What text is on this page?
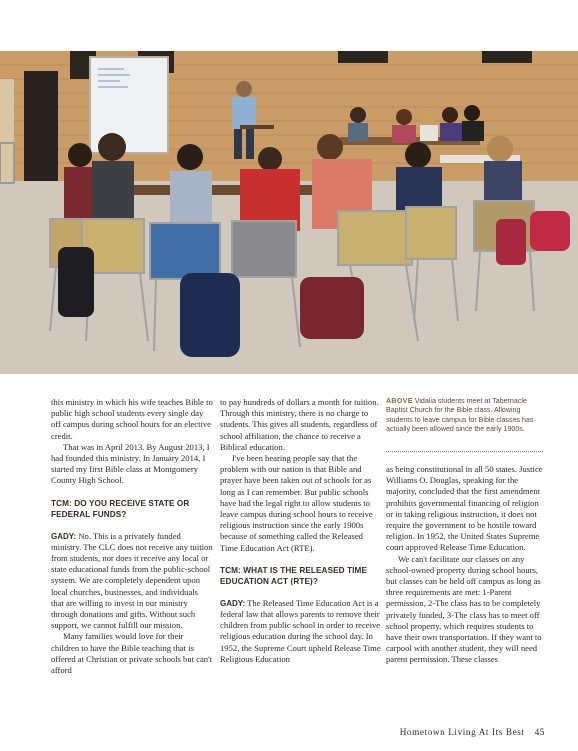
this ministry in which his wife teaches Bible to public high school students every single day off campus during school hours for an elective credit.

That was in April 2013. By August 2013, I had founded this ministry. In January 2014, I started my first Bible class at Montgomery County High School.

TCM: DO YOU RECEIVE STATE OR FEDERAL FUNDS?

GADY: No. This is a privately funded ministry. The CLC does not receive any tuition from students, nor does it receive any local or state educational funds from the public-school system. We are completely dependent upon local churches, businesses, and individuals that are willing to invest in our ministry through donations and gifts. Without such support, we cannot fulfill our mission.

Many families would love for their children to have the Bible teaching that is offered at Christian or private schools but can't afford

to pay hundreds of dollars a month for tuition. Through this ministry, there is no charge to students. This gives all students, regardless of school affiliation, the chance to receive a Biblical education.

I've been hearing people say that the problem with our nation is that Bible and prayer have been taken out of schools for as long as I can remember. But public schools have had the legal right to allow students to leave campus during school hours to receive religious instruction since the early 1900s because of something called the Released Time Education Act (RTE).

TCM: WHAT IS THE RELEASED TIME EDUCATION ACT (RTE)?

GADY: The Released Time Education Act is a federal law that allows parents to remove their children from public school in order to receive religious education during the school day. In 1952, the Supreme Court upheld Release Time Religious Education

ABOVE Vidalia students meet at Tabernacle Baptist Church for the Bible class. Allowing students to leave campus for Bible classes has actually been allowed since the early 1900s.

as being constitutional in all 50 states. Justice Williams O. Douglas, speaking for the majority, concluded that the first amendment prohibits governmental financing of religion or in taking religious instruction, it does not require the government to be hostile toward religion. In 1952, the United States Supreme court approved Release Time Education.

We can't facilitate our classes on any school-owned property during school hours, but classes can be held off campus as long as three requirements are met: 1-Parent permission, 2-The class has to be completely privately funded, 3-The class has to meet off school property, which requires students to have their own transportation. If they want to carpool with another student, they will need parent permission. These classes

Hometown Living At Its Best 45
